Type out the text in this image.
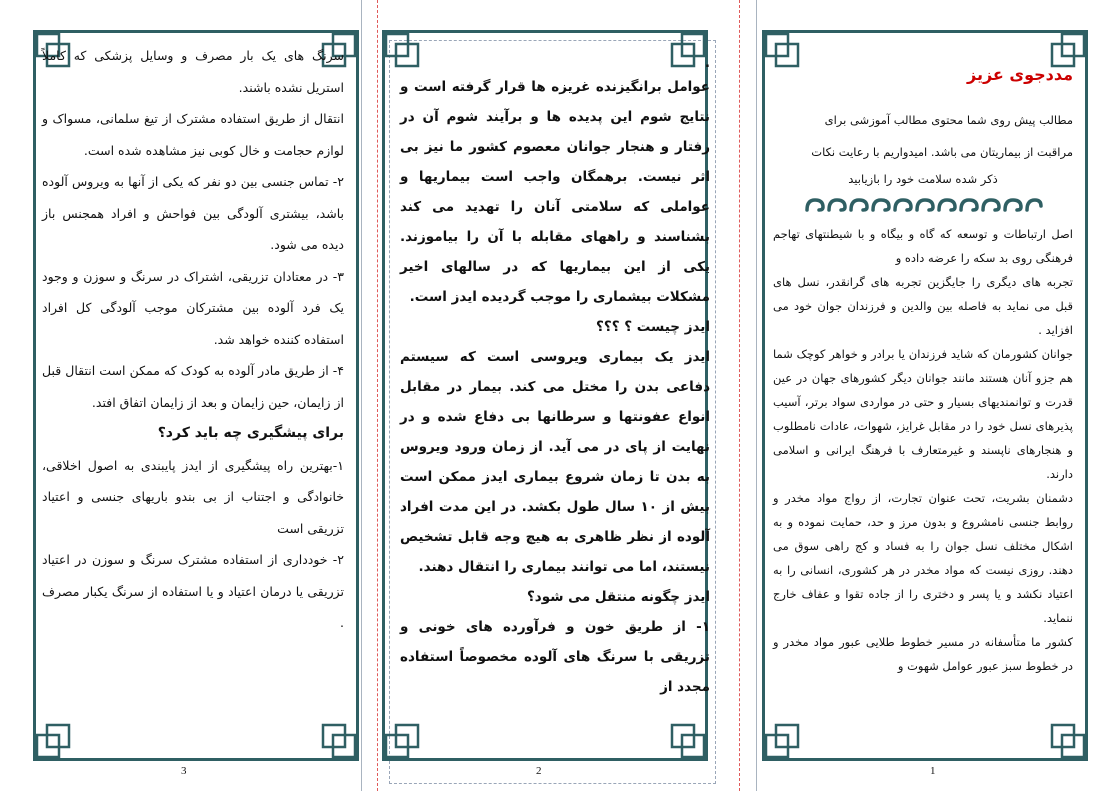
سرنگ های یک بار مصرف و وسایل پزشکی که کاملاً استریل نشده باشند.

انتقال از طریق استفاده مشترک از تیغ سلمانی، مسواک و لوازم حجامت و خال کوبی نیز مشاهده شده است.

۲- تماس جنسی بین دو نفر که یکی از آنها به ویروس آلوده باشد، بیشتری آلودگی بین فواحش و افراد همجنس باز دیده می شود.

۳- در معتادان تزریقی، اشتراک در سرنگ و سوزن و وجود یک فرد آلوده بین مشترکان موجب آلودگی کل افراد استفاده کننده خواهد شد.

۴- از طریق مادر آلوده به کودک که ممکن است انتقال قبل از زایمان، حین زایمان و بعد از زایمان اتفاق افتد.

برای پیشگیری چه باید کرد؟

۱-بهترین راه پیشگیری از ایدز پایبندی به اصول اخلاقی، خانوادگی و اجتناب از بی بندو باریهای جنسی و اعتیاد تزریقی است

۲- خودداری از استفاده مشترک سرنگ و سوزن در اعتیاد تزریقی یا درمان اعتیاد و یا استفاده از سرنگ یکبار مصرف .

3

.

عوامل برانگیزنده غریزه ها قرار گرفته است و نتایج شوم این پدیده ها و برآیند شوم آن در رفتار و هنجار جوانان معصوم کشور ما نیز بی اثر نیست. برهمگان واجب است بیماریها و عواملی که سلامتی آنان را تهدید می کند بشناسند و راههای مقابله با آن را بیاموزند. یکی از این بیماریها که در سالهای اخیر مشکلات بیشماری را موجب گردیده ایدز است.

ایدز چیست ؟ ؟؟؟

ایدز یک بیماری ویروسی است که سیستم دفاعی بدن را مختل می کند. بیمار در مقابل انواع عفونتها و سرطانها بی دفاع شده و در نهایت از پای در می آید. از زمان ورود ویروس به بدن تا زمان شروع بیماری ایدز ممکن است بیش از ۱۰ سال طول بکشد. در این مدت افراد آلوده از نظر ظاهری به هیچ وجه قابل تشخیص نیستند، اما می توانند بیماری را انتقال دهند.

ایدز چگونه منتقل می شود؟

۱- از طریق خون و فرآورده های خونی و تزریقی با سرنگ های آلوده مخصوصاً استفاده مجدد از

2

مددجوی عزیز

مطالب پیش روی شما محتوی مطالب آموزشی برای

مراقبت از بیماریتان می باشد. امیدواریم با رعایت نکات

ذکر شده سلامت خود را بازیابید

اصل ارتباطات و توسعه که گاه و بیگاه و با شیطنتهای تهاجم فرهنگی روی بد سکه را عرضه داده و

تجربه های دیگری را جایگزین تجربه های گرانقدر، نسل های قبل می نماید به فاصله بین والدین و فرزندان جوان خود می افزاید .

جوانان کشورمان که شاید فرزندان یا برادر و خواهر کوچک شما هم جزو آنان هستند مانند جوانان دیگر کشورهای جهان در عین قدرت و توانمندیهای بسیار و حتی در مواردی سواد برتر، آسیب پذیرهای نسل خود را در مقابل غرایز، شهوات، عادات نامطلوب و هنجارهای ناپسند و غیرمتعارف با فرهنگ ایرانی و اسلامی دارند.

دشمنان بشریت، تحت عنوان تجارت، از رواج مواد مخدر و روابط جنسی نامشروع و بدون مرز و حد، حمایت نموده و به اشکال مختلف نسل جوان را به فساد و کج راهی سوق می دهند. روزی نیست که مواد مخدر در هر کشوری، انسانی را به اعتیاد نکشد و یا پسر و دختری را از جاده تقوا و عفاف خارج ننماید.

کشور ما متأسفانه در مسیر خطوط طلایی عبور مواد مخدر و در خطوط سبز عبور عوامل شهوت و

1
